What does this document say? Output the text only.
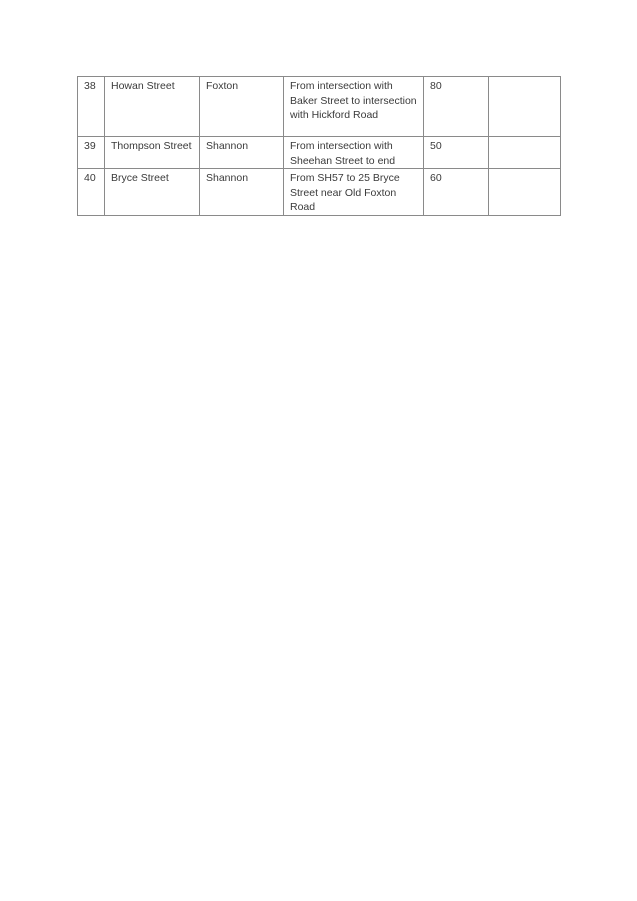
38	Howan Street	Foxton	From intersection with Baker Street to intersection with Hickford Road	80	
39	Thompson Street	Shannon	From intersection with Sheehan Street to end	50	
40	Bryce Street	Shannon	From SH57 to 25 Bryce Street near Old Foxton Road	60	
